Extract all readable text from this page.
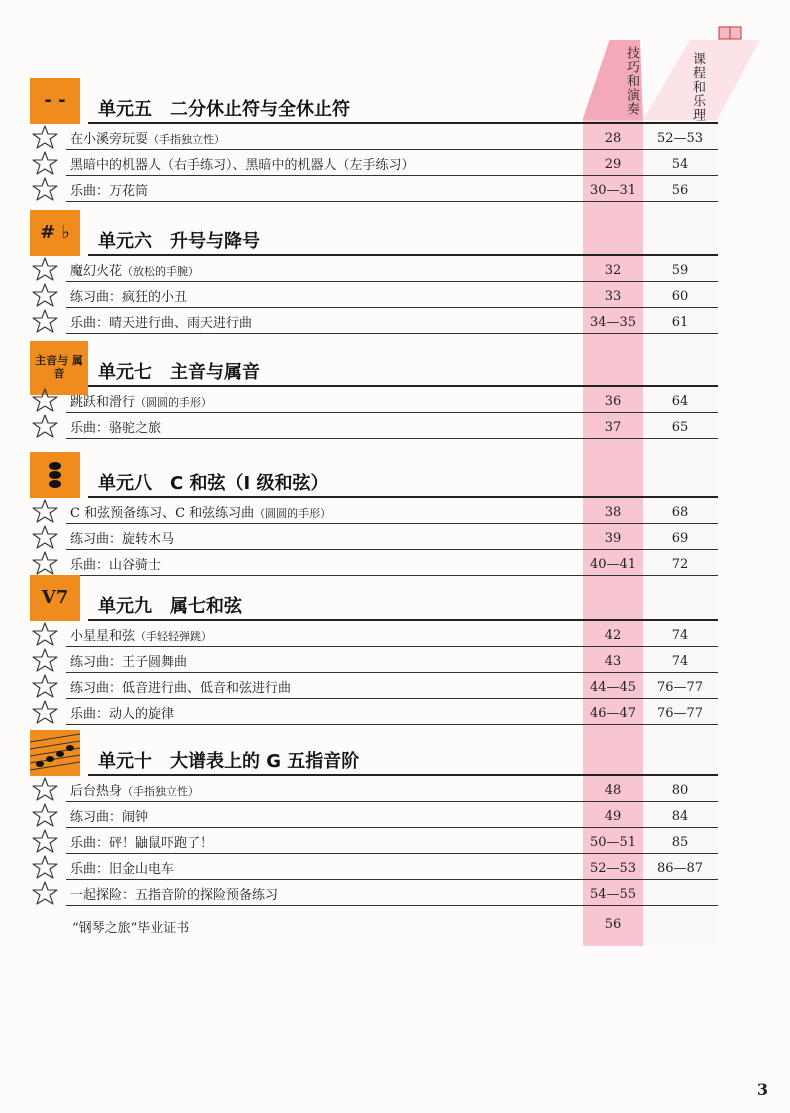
技巧和演奏	课程和乐理
- -	单元五　二分休止符与全休止符
在小溪旁玩耍（手指独立性）	28	52—53
黑暗中的机器人（右手练习）、黑暗中的机器人（左手练习）	29	54
乐曲：万花筒	30—31	56
# ♭	单元六　升号与降号
魔幻火花（放松的手腕）	32	59
练习曲：疯狂的小丑	33	60
乐曲：晴天进行曲、雨天进行曲	34—35	61
主音与 属 音	单元七　主音与属音
跳跃和滑行（圆圆的手形）	36	64
乐曲：骆驼之旅	37	65
单元八　C 和弦（I 级和弦）
C 和弦预备练习、C 和弦练习曲（圆圆的手形）	38	68
练习曲：旋转木马	39	69
乐曲：山谷骑士	40—41	72
V7	单元九　属七和弦
小星星和弦（手轻轻弹跳）	42	74
练习曲：王子圆舞曲	43	74
练习曲：低音进行曲、低音和弦进行曲	44—45	76—77
乐曲：动人的旋律	46—47	76—77
单元十　大谱表上的 G 五指音阶
后台热身（手指独立性）	48	80
练习曲：闹钟	49	84
乐曲：砰！鼬鼠吓跑了！	50—51	85
乐曲：旧金山电车	52—53	86—87
一起探险：五指音阶的探险预备练习	54—55
“钢琴之旅”毕业证书	56
3
